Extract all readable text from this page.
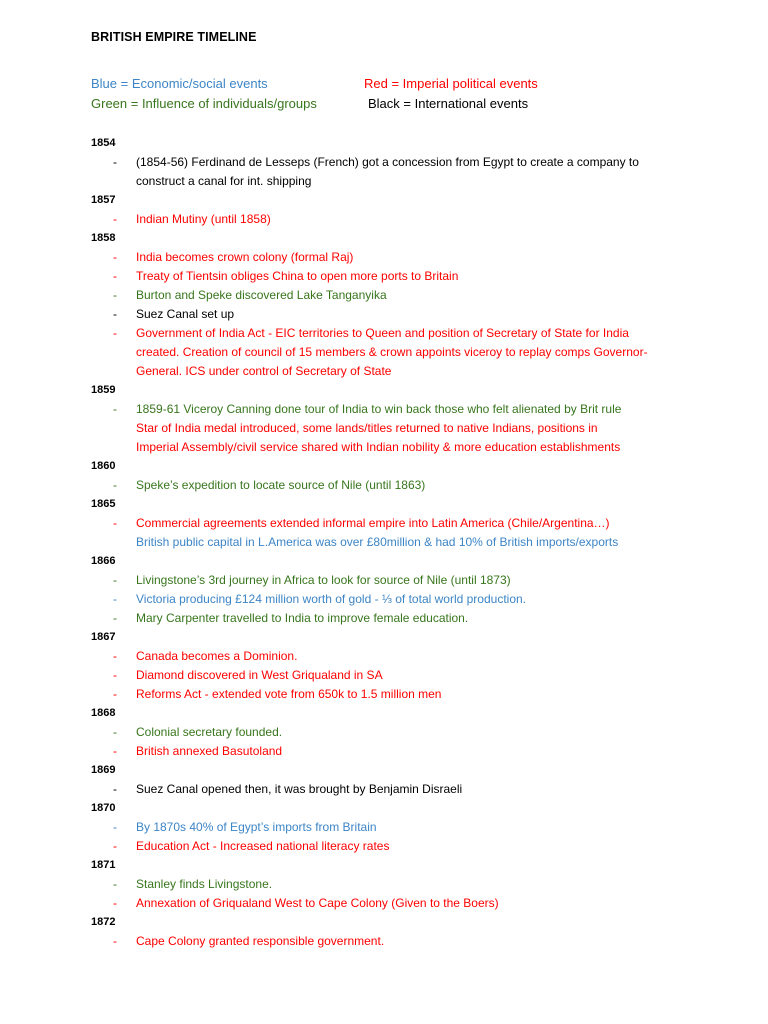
BRITISH EMPIRE TIMELINE
Blue = Economic/social events
Green = Influence of individuals/groups
Red = Imperial political events
Black = International events
1854
- (1854-56) Ferdinand de Lesseps (French) got a concession from Egypt to create a company to
construct a canal for int. shipping
1857
- Indian Mutiny (until 1858)
1858
- India becomes crown colony (formal Raj)
- Treaty of Tientsin obliges China to open more ports to Britain
- Burton and Speke discovered Lake Tanganyika
- Suez Canal set up
- Government of India Act - EIC territories to Queen and position of Secretary of State for India
created. Creation of council of 15 members & crown appoints viceroy to replay comps Governor-
General. ICS under control of Secretary of State
1859
- 1859-61 Viceroy Canning done tour of India to win back those who felt alienated by Brit rule
Star of India medal introduced, some lands/titles returned to native Indians, positions in
Imperial Assembly/civil service shared with Indian nobility & more education establishments
1860
- Speke’s expedition to locate source of Nile (until 1863)
1865
- Commercial agreements extended informal empire into Latin America (Chile/Argentina…)
British public capital in L.America was over £80million & had 10% of British imports/exports
1866
- Livingstone’s 3rd journey in Africa to look for source of Nile (until 1873)
- Victoria producing £124 million worth of gold - ⅓ of total world production.
- Mary Carpenter travelled to India to improve female education.
1867
- Canada becomes a Dominion.
- Diamond discovered in West Griqualand in SA
- Reforms Act - extended vote from 650k to 1.5 million men
1868
- Colonial secretary founded.
- British annexed Basutoland
1869
- Suez Canal opened then, it was brought by Benjamin Disraeli
1870
- By 1870s 40% of Egypt’s imports from Britain
- Education Act - Increased national literacy rates
1871
- Stanley finds Livingstone.
- Annexation of Griqualand West to Cape Colony (Given to the Boers)
1872
- Cape Colony granted responsible government.
